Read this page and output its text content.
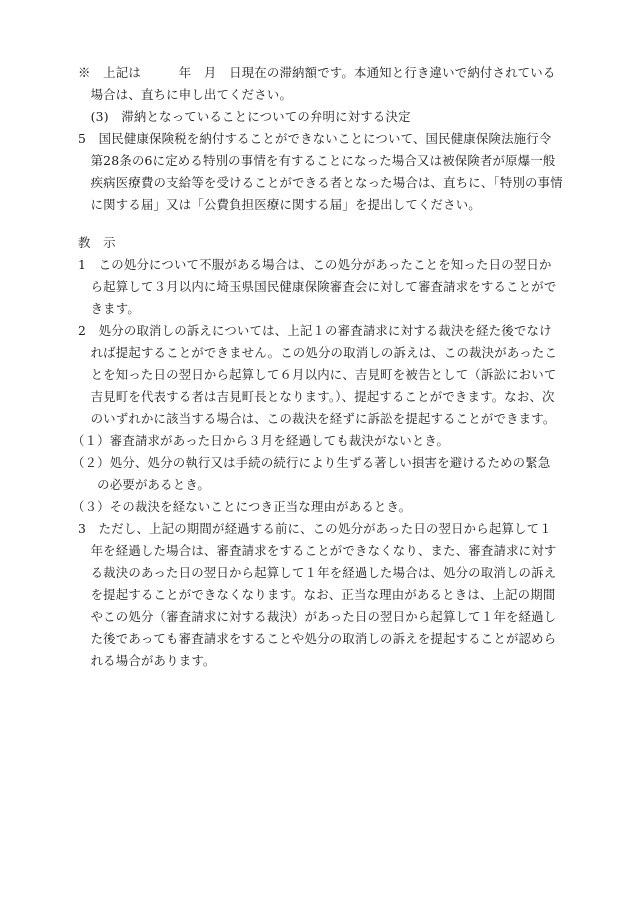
※　上記は　　　年　月　日現在の滞納額です。本通知と行き違いで納付されている

　場合は、直ちに申し出てください。

　(3)　滞納となっていることについての弁明に対する決定

5　国民健康保険税を納付することができないことについて、国民健康保険法施行令

　第28条の6に定める特別の事情を有することになった場合又は被保険者が原爆一般

　疾病医療費の支給等を受けることができる者となった場合は、直ちに、「特別の事情

　に関する届」又は「公費負担医療に関する届」を提出してください。

教　示

1　この処分について不服がある場合は、この処分があったことを知った日の翌日か

　ら起算して３月以内に埼玉県国民健康保険審査会に対して審査請求をすることがで

　きます。

2　処分の取消しの訴えについては、上記１の審査請求に対する裁決を経た後でなけ

　れば提起することができません。この処分の取消しの訴えは、この裁決があったこ

　とを知った日の翌日から起算して６月以内に、吉見町を被告として（訴訟において

　吉見町を代表する者は吉見町長となります。）、提起することができます。なお、次

　のいずれかに該当する場合は、この裁決を経ずに訴訟を提起することができます。

（１）審査請求があった日から３月を経過しても裁決がないとき。

（２）処分、処分の執行又は手続の続行により生ずる著しい損害を避けるための緊急

　　の必要があるとき。

（３）その裁決を経ないことにつき正当な理由があるとき。

3　ただし、上記の期間が経過する前に、この処分があった日の翌日から起算して１

　年を経過した場合は、審査請求をすることができなくなり、また、審査請求に対す

　る裁決のあった日の翌日から起算して１年を経過した場合は、処分の取消しの訴え

　を提起することができなくなります。なお、正当な理由があるときは、上記の期間

　やこの処分（審査請求に対する裁決）があった日の翌日から起算して１年を経過し

　た後であっても審査請求をすることや処分の取消しの訴えを提起することが認めら

　れる場合があります。
